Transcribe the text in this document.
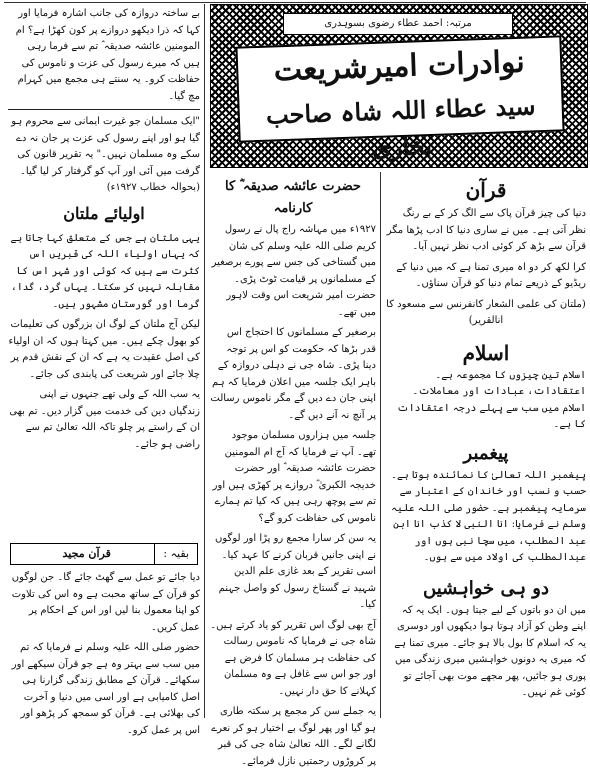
مرتبہ: احمد عطاء رضوی بسوہدری
نوادرات امیرشریعت
سید عطاء اللہ شاہ صاحب بخاری
قرآن

دنیا کی چیز قرآن پاک سے الگ کر کے بے رنگ نظر آتی ہے۔ میں نے ساری دنیا کا ادب پڑھا مگر قرآن سے بڑھ کر کوئی ادب نظر نہیں آیا۔

کرا لکھ کر دو اہ میری تمنا ہے کہ میں دنیا کے ریڈیو کے ذریعے تمام دنیا کو قرآن سناؤں۔

(ملتان کی علمی الشعار کانفرنس سے مسعود کا انالقریر)

اسلام

اسلام تین چیزوں کا مجموعہ ہے۔ اعتقادات، عبادات اور معاملات۔ اسلام میں سب سے پہلے درجہ اعتقادات کا ہے۔

پیغمبر

پیغمبر اللہ تعالیٰ کا نمائندہ ہوتا ہے۔ حسب و نسب اور خاندان کے اعتبار سے سرمایہ پیغمبر ہے۔ حضور صلی اللہ علیہ وسلم نے فرمایا: انا النبی لا کذب انا ابن عبد المطلب، میں سچا نبی ہوں اور عبدالمطلب کی اولاد میں سے ہوں۔

دو ہی خواہشیں

میں ان دو باتوں کے لیے جیتا ہوں۔ ایک یہ کہ اپنے وطن کو آزاد ہوتا ہوا دیکھوں اور دوسری یہ کہ اسلام کا بول بالا ہو جائے۔ میری تمنا ہے کہ میری یہ دونوں خواہشیں میری زندگی میں پوری ہو جائیں، پھر مجھے موت بھی آجائے تو کوئی غم نہیں۔

حضرت عائشہ صدیقہ ؓ کا کارنامہ

۱۹۲۷ء میں مہاشہ راج پال نے رسول کریم صلی اللہ علیہ وسلم کی شان میں گستاخی کی جس سے پورے برصغیر کے مسلمانوں پر قیامت ٹوٹ پڑی۔ حضرت امیر شریعت اس وقت لاہور میں تھے۔

برصغیر کے مسلمانوں کا احتجاج اس قدر بڑھا کہ حکومت کو اس پر توجہ دینا پڑی۔ شاہ جی نے دہلی دروازہ کے باہر ایک جلسہ میں اعلان فرمایا کہ ہم اپنی جان دے دیں گے مگر ناموس رسالت پر آنچ نہ آنے دیں گے۔

جلسہ میں ہزاروں مسلمان موجود تھے۔ آپ نے فرمایا کہ آج ام المومنین حضرت عائشہ صدیقہ ؓ اور حضرت خدیجہ الکبریٰ ؓ دروازے پر کھڑی ہیں اور تم سے پوچھ رہی ہیں کہ کیا تم ہمارے ناموس کی حفاظت کرو گے؟

یہ سن کر سارا مجمع رو پڑا اور لوگوں نے اپنی جانیں قربان کرنے کا عہد کیا۔ اسی تقریر کے بعد غازی علم الدین شہید نے گستاخ رسول کو واصل جہنم کیا۔

آج بھی لوگ اس تقریر کو یاد کرتے ہیں۔ شاہ جی نے فرمایا کہ ناموس رسالت کی حفاظت ہر مسلمان کا فرض ہے اور جو اس سے غافل ہے وہ مسلمان کہلانے کا حق دار نہیں۔

یہ جملے سن کر مجمع پر سکتہ طاری ہو گیا اور پھر لوگ بے اختیار ہو کر نعرے لگانے لگے۔ اللہ تعالیٰ شاہ جی کی قبر پر کروڑوں رحمتیں نازل فرمائے۔

بے ساختہ دروازہ کی جانب اشارہ فرمایا اور کہا کہ ذرا دیکھو دروازے پر کون کھڑا ہے؟ ام المومنین عائشہ صدیقہ ؓ تم سے فرما رہی ہیں کہ میرے رسول کی عزت و ناموس کی حفاظت کرو۔ یہ سنتے ہی مجمع میں کہرام مچ گیا۔

"ایک مسلمان جو غیرت ایمانی سے محروم ہو گیا ہو اور اپنے رسول کی عزت پر جان نہ دے سکے وہ مسلمان نہیں۔" یہ تقریر قانون کی گرفت میں آئی اور آپ کو گرفتار کر لیا گیا۔ (بحوالہ خطاب ۱۹۲۷ء)

اولیائے ملتان

یہی ملتان ہے جس کے متعلق کہا جاتا ہے کہ یہاں اولیاء اللہ کی قبریں اس کثرت سے ہیں کہ کوئی اور شہر اس کا مقابلہ نہیں کر سکتا۔ یہاں گرد، گدا، گرما اور گورستان مشہور ہیں۔

لیکن آج ملتان کے لوگ ان بزرگوں کی تعلیمات کو بھول چکے ہیں۔ میں کہتا ہوں کہ ان اولیاء کی اصل عقیدت یہ ہے کہ ان کے نقش قدم پر چلا جائے اور شریعت کی پابندی کی جائے۔

یہ سب اللہ کے ولی تھے جنہوں نے اپنی زندگیاں دین کی خدمت میں گزار دیں۔ تم بھی ان کے راستے پر چلو تاکہ اللہ تعالیٰ تم سے راضی ہو جائے۔

بقیہ :
قرآن مجید

دیا جائے تو عمل سے گھٹ جائے گا۔ جن لوگوں کو قرآن کے ساتھ محبت ہے وہ اس کی تلاوت کو اپنا معمول بنا لیں اور اس کے احکام پر عمل کریں۔

حضور صلی اللہ علیہ وسلم نے فرمایا کہ تم میں سب سے بہتر وہ ہے جو قرآن سیکھے اور سکھائے۔ قرآن کے مطابق زندگی گزارنا ہی اصل کامیابی ہے اور اسی میں دنیا و آخرت کی بھلائی ہے۔ قرآن کو سمجھ کر پڑھو اور اس پر عمل کرو۔
